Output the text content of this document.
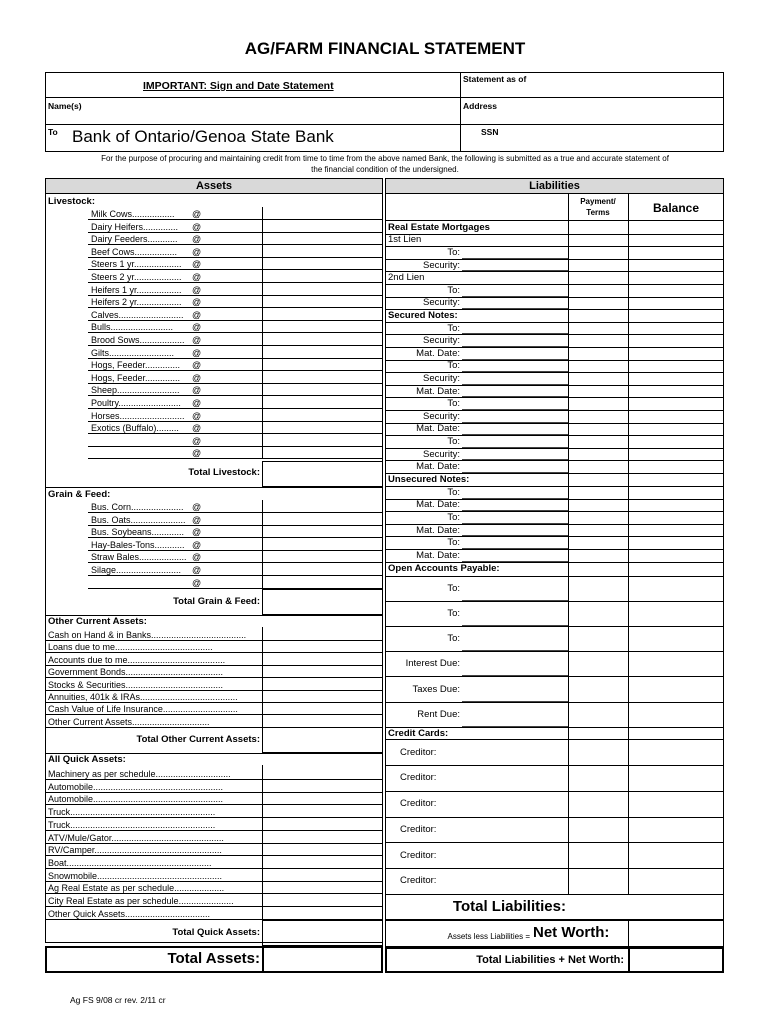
AG/FARM FINANCIAL STATEMENT
IMPORTANT: Sign and Date Statement
Statement as of
Name(s)	Address
To Bank of Ontario/Genoa State Bank	SSN
For the purpose of procuring and maintaining credit from time to time from the above named Bank, the following is submitted as a true and accurate statement of
the financial condition of the undersigned.
Assets
Livestock:
Milk Cows................. @
Dairy Heifers.............. @
Dairy Feeders............ @
Beef Cows................. @
Steers 1 yr................... @
Steers 2 yr................... @
Heifers 1 yr.................. @
Heifers 2 yr.................. @
Calves.......................... @
Bulls......................... @
Brood Sows.................. @
Gilts.......................... @
Hogs, Feeder.............. @
Hogs, Feeder.............. @
Sheep......................... @
Poultry......................... @
Horses.......................... @
Exotics (Buffalo)......... @
@
@
Total Livestock:
Grain & Feed:
Bus. Corn..................... @
Bus. Oats...................... @
Bus. Soybeans............. @
Hay-Bales-Tons............ @
Straw Bales................... @
Silage.......................... @
@
Total Grain & Feed:
Other Current Assets:
Cash on Hand & in Banks......................................
Loans due to me.......................................
Accounts due to me.......................................
Government Bonds.......................................
Stocks & Securities.......................................
Annuities, 401k & IRAs.......................................
Cash Value of Life Insurance..............................
Other Current Assets...............................
Total Other Current Assets:
All Quick Assets:
Machinery as per schedule..............................
Automobile....................................................
Automobile....................................................
Truck..........................................................
Truck..........................................................
ATV/Mule/Gator.............................................
RV/Camper...................................................
Boat..........................................................
Snowmobile..................................................
Ag Real Estate as per schedule....................
City Real Estate as per schedule......................
Other Quick Assets..................................
Total Quick Assets:
Total Assets:
Liabilities
Payment/
Terms	Balance
Real Estate Mortgages
1st Lien
To:
Security:
2nd Lien
To:
Security:
Secured Notes:
To:
Security:
Mat. Date:
To:
Security:
Mat. Date:
To:
Security:
Mat. Date:
To:
Security:
Mat. Date:
Unsecured Notes:
To:
Mat. Date:
To:
Mat. Date:
To:
Mat. Date:
Open Accounts Payable:
To:
To:
To:
Interest Due:
Taxes Due:
Rent Due:
Credit Cards:
Creditor:
Creditor:
Creditor:
Creditor:
Creditor:
Creditor:
Total Liabilities:
Assets less Liabilities = Net Worth:
Total Liabilities + Net Worth:
Ag FS 9/08 cr rev. 2/11 cr
